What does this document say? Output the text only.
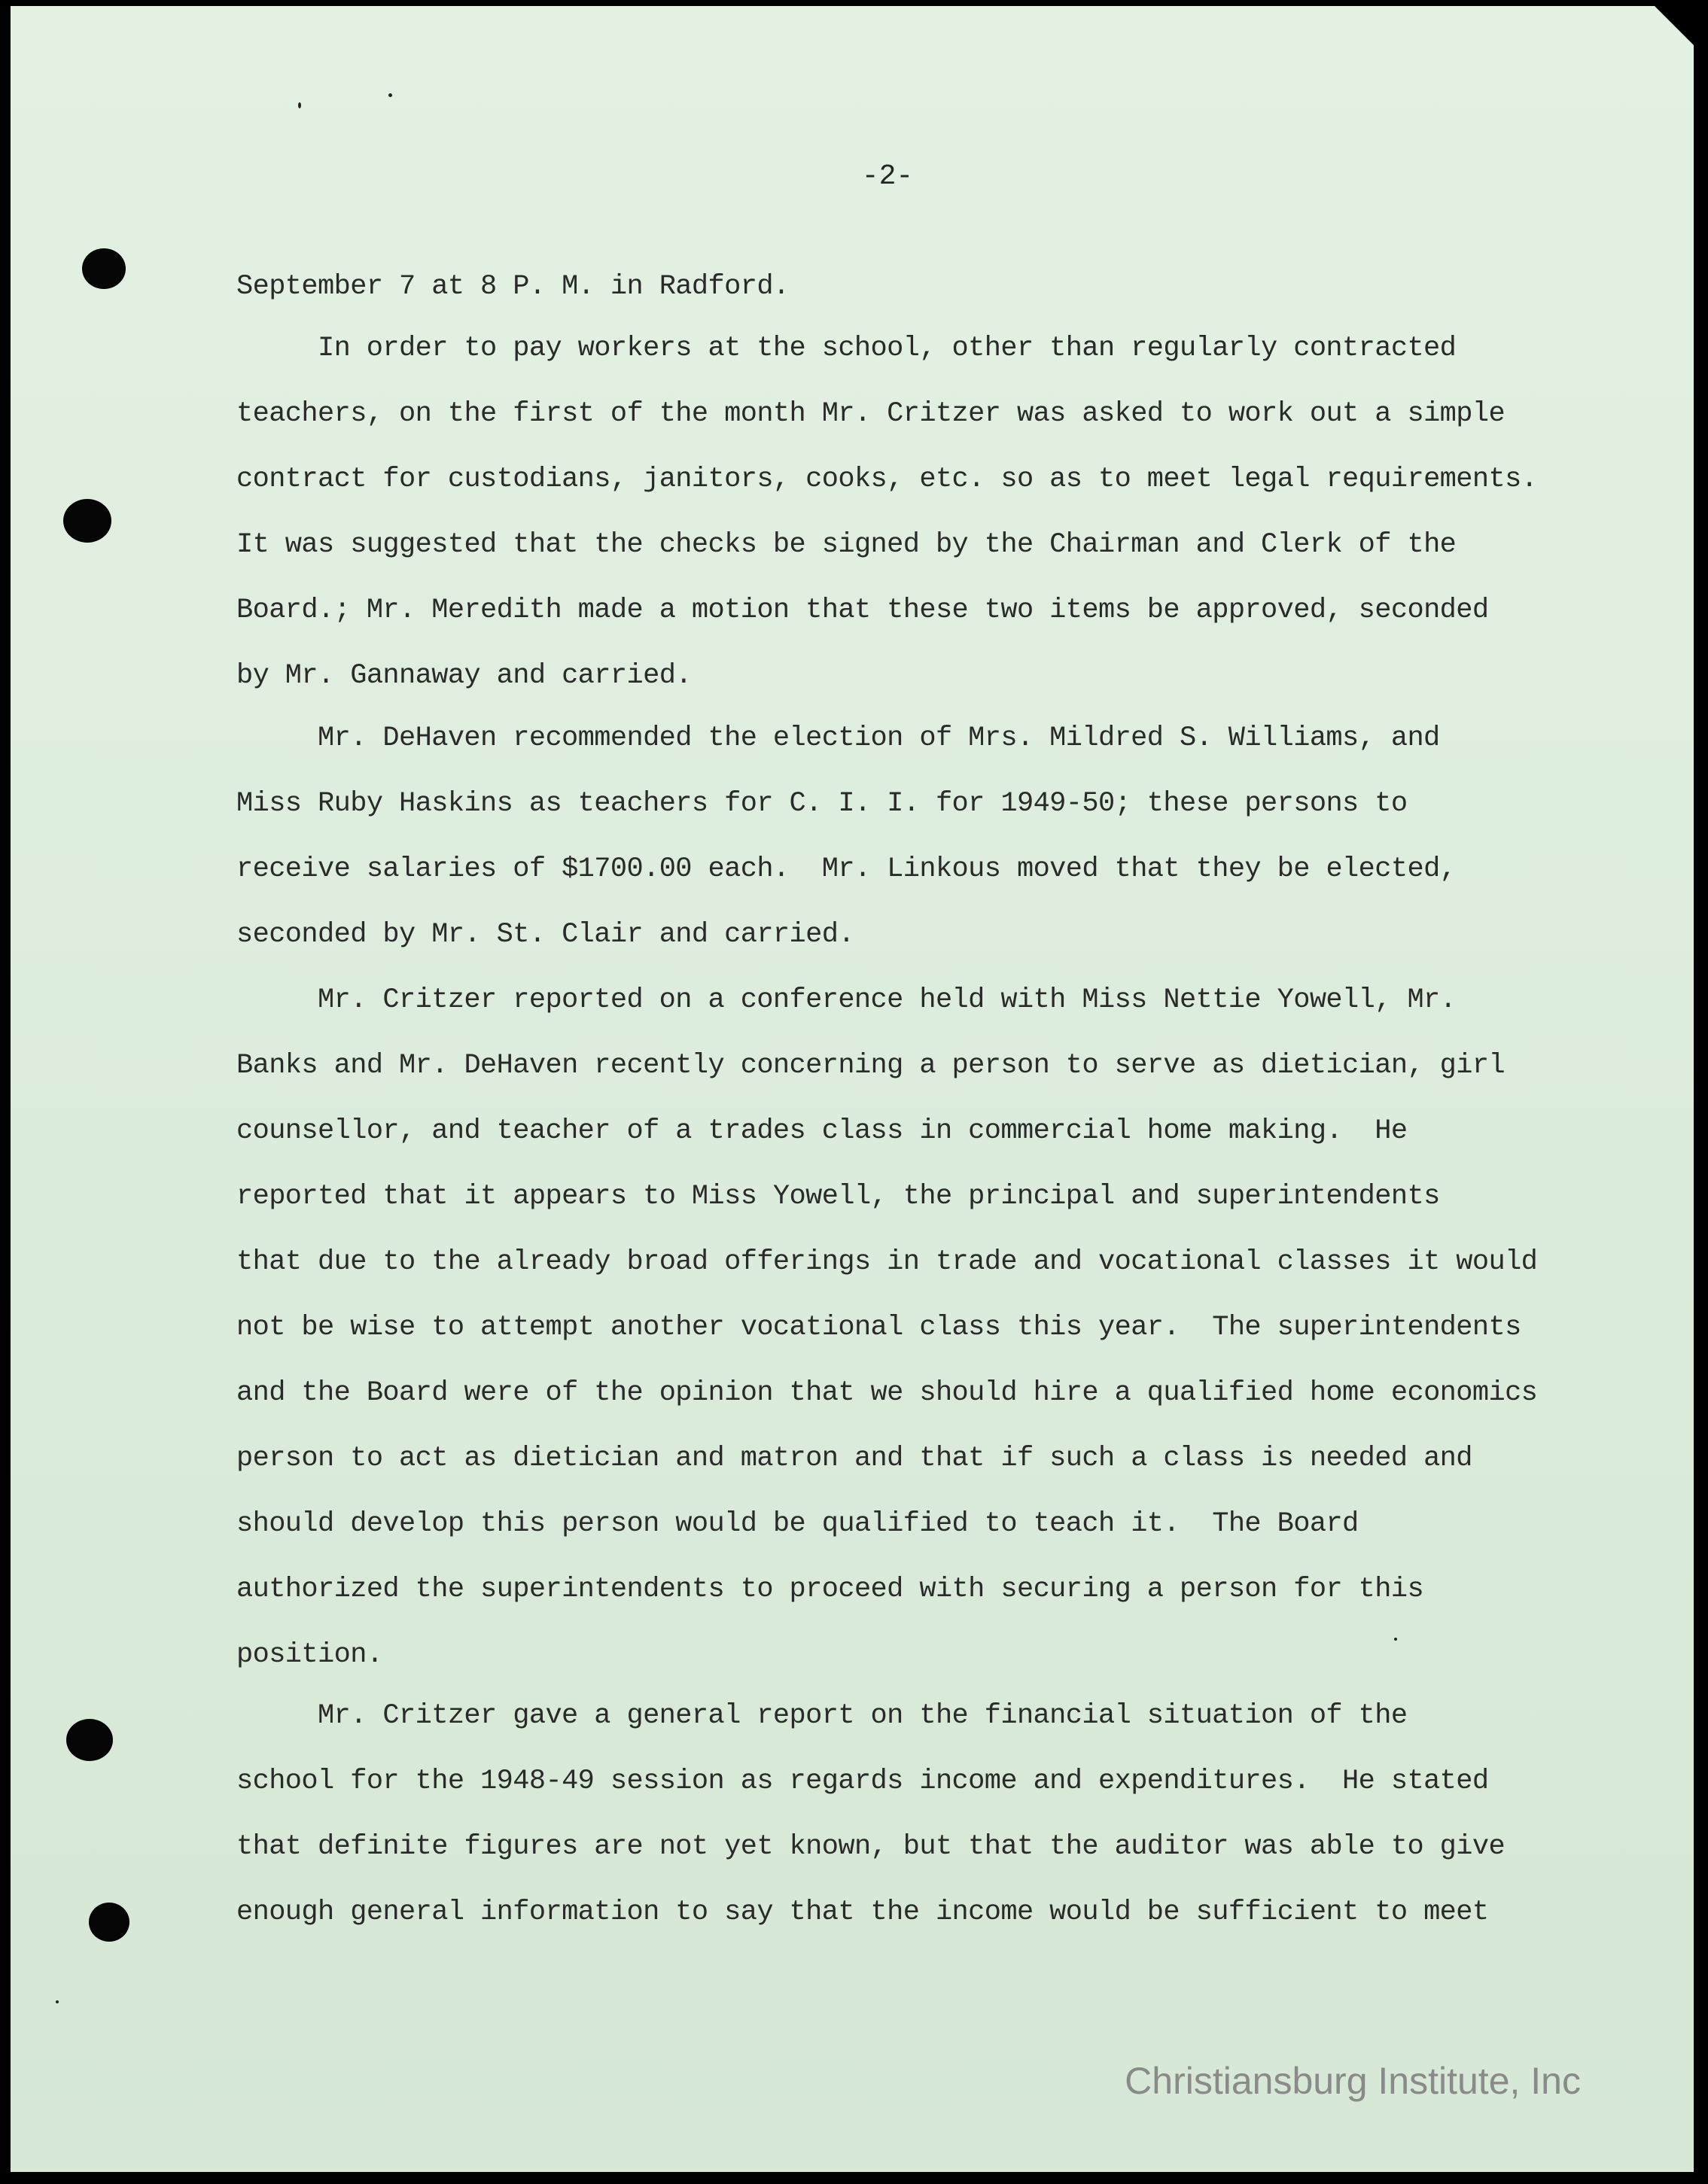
-2-
September 7 at 8 P. M. in Radford.
In order to pay workers at the school, other than regularly contracted
teachers, on the first of the month Mr. Critzer was asked to work out a simple
contract for custodians, janitors, cooks, etc. so as to meet legal requirements.
It was suggested that the checks be signed by the Chairman and Clerk of the
Board.; Mr. Meredith made a motion that these two items be approved, seconded
by Mr. Gannaway and carried.
Mr. DeHaven recommended the election of Mrs. Mildred S. Williams, and
Miss Ruby Haskins as teachers for C. I. I. for 1949-50; these persons to
receive salaries of $1700.00 each.  Mr. Linkous moved that they be elected,
seconded by Mr. St. Clair and carried.
Mr. Critzer reported on a conference held with Miss Nettie Yowell, Mr.
Banks and Mr. DeHaven recently concerning a person to serve as dietician, girl
counsellor, and teacher of a trades class in commercial home making.  He
reported that it appears to Miss Yowell, the principal and superintendents
that due to the already broad offerings in trade and vocational classes it would
not be wise to attempt another vocational class this year.  The superintendents
and the Board were of the opinion that we should hire a qualified home economics
person to act as dietician and matron and that if such a class is needed and
should develop this person would be qualified to teach it.  The Board
authorized the superintendents to proceed with securing a person for this
position.
Mr. Critzer gave a general report on the financial situation of the
school for the 1948-49 session as regards income and expenditures.  He stated
that definite figures are not yet known, but that the auditor was able to give
enough general information to say that the income would be sufficient to meet
Christiansburg Institute, Inc
